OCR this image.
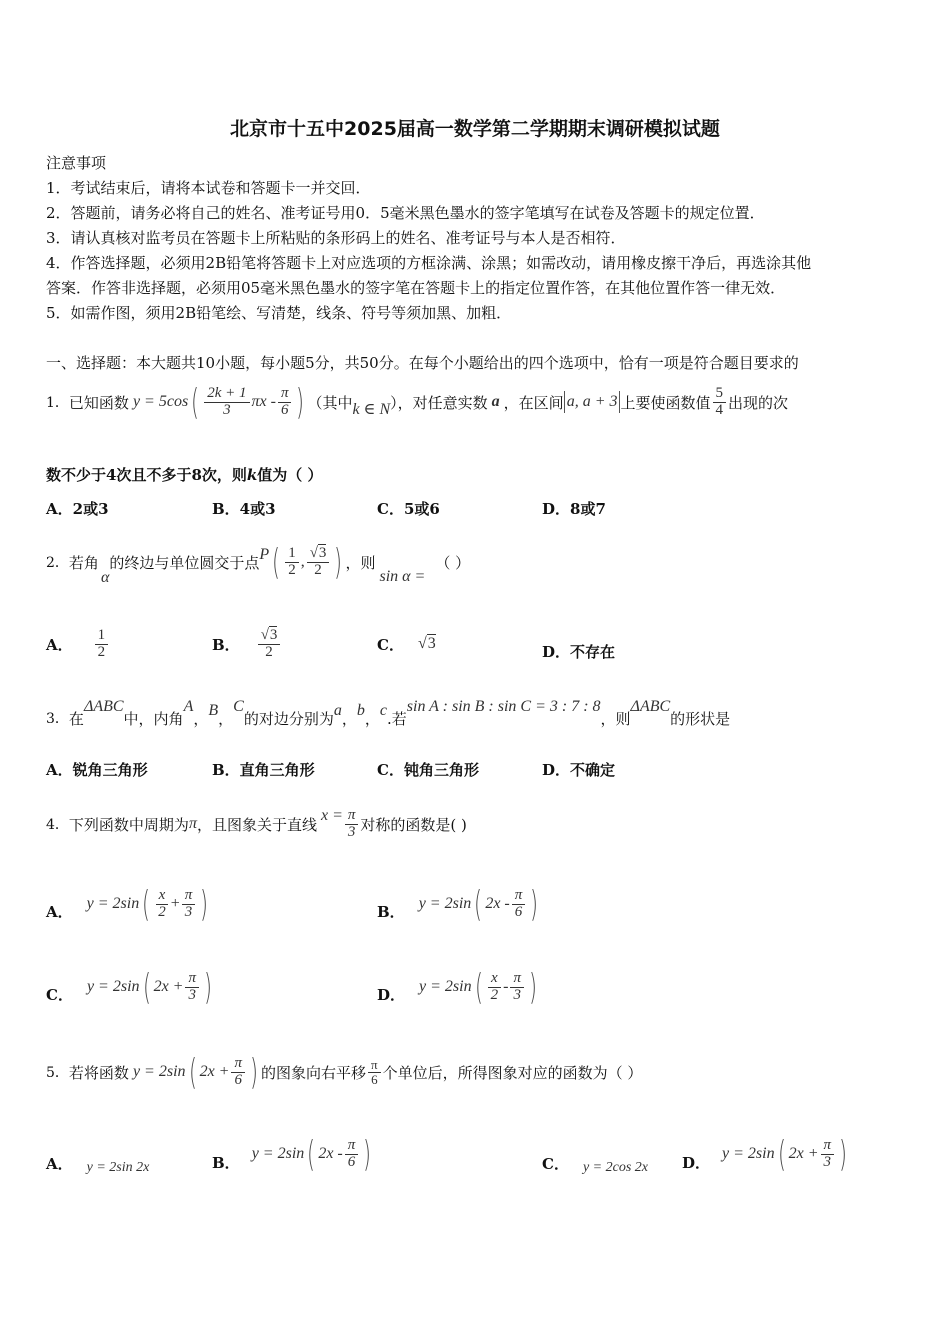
北京市十五中2025届高一数学第二学期期末调研模拟试题
注意事项
1．考试结束后，请将本试卷和答题卡一并交回．
2．答题前，请务必将自己的姓名、准考证号用0．5毫米黑色墨水的签字笔填写在试卷及答题卡的规定位置．
3．请认真核对监考员在答题卡上所粘贴的条形码上的姓名、准考证号与本人是否相符．
4．作答选择题，必须用2B铅笔将答题卡上对应选项的方框涂满、涂黑；如需改动，请用橡皮擦干净后，再选涂其他
答案．作答非选择题，必须用05毫米黑色墨水的签字笔在答题卡上的指定位置作答，在其他位置作答一律无效．
5．如需作图，须用2B铅笔绘、写清楚，线条、符号等须加黑、加粗．
一、选择题：本大题共10小题，每小题5分，共50分。在每个小题给出的四个选项中，恰有一项是符合题目要求的
1． 已知函数 y = 5cos ( $\frac{2k + 1}{3}$ πx - $\frac{\pi}{6}$ ) （其中 k ∈ N ），对任意实数 a ，在区间 a, a + 3 上要使函数值 $\frac{5}{4}$ 出现的次
数不少于4次且不多于8次，则k值为（ ）
A．2或3	B．4或3	C．5或6	D．8或7
2． 若角
α
的终边与单位圆交于点 P ( $\frac{1}{2}$ , $\frac{√3}{2}$ ) ，则
sin α =
（ ）
A． $\frac{1}{2}$	B． $\frac{√3}{2}$	C． √3	D．不存在
3． 在
ΔABC
中，内角
A
， B ，
C
的对边分别为 a ， b ， c .若
sin A : sin B : sin C = 3 : 7 : 8
，则
ΔABC
的形状是
A．锐角三角形	B．直角三角形	C．钝角三角形	D．不确定
4． 下列函数中周期为 π ，且图象关于直线 $x = \frac{\pi}{3}$ 对称的函数是( )
A． y = 2sin ( $\frac{x}{2} + \frac{\pi}{3}$ )	B． y = 2sin ( $2x - \frac{\pi}{6}$ )
C． y = 2sin ( $2x + \frac{\pi}{3}$ )	D． y = 2sin ( $\frac{x}{2} - \frac{\pi}{3}$ )
5． 若将函数 y = 2sin ( $2x + \frac{\pi}{6}$ ) 的图象向右平移 $\frac{\pi}{6}$ 个单位后，所得图象对应的函数为（ ）
A． y = 2sin 2x	B． y = 2sin ( $2x - \frac{\pi}{6}$ )	C． y = 2cos 2x D． y = 2sin ( $2x + \frac{\pi}{3}$ )
